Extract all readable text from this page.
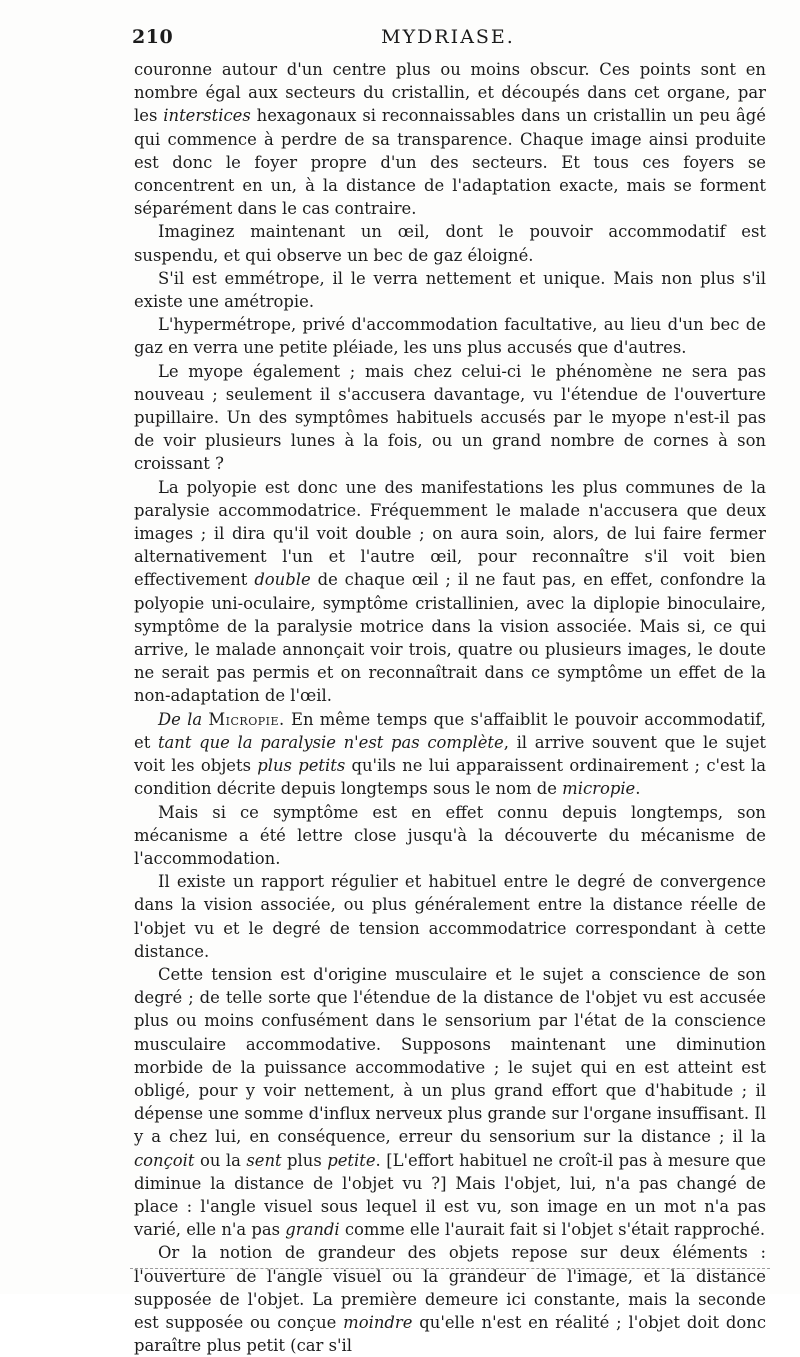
210	MYDRIASE.

couronne autour d'un centre plus ou moins obscur. Ces points sont en nombre égal aux secteurs du cristallin, et découpés dans cet organe, par les interstices hexagonaux si reconnaissables dans un cristallin un peu âgé qui commence à perdre de sa transparence. Chaque image ainsi produite est donc le foyer propre d'un des secteurs. Et tous ces foyers se concentrent en un, à la distance de l'adaptation exacte, mais se forment séparément dans le cas contraire.

Imaginez maintenant un œil, dont le pouvoir accommodatif est suspendu, et qui observe un bec de gaz éloigné.

S'il est emmétrope, il le verra nettement et unique. Mais non plus s'il existe une amétropie.

L'hypermétrope, privé d'accommodation facultative, au lieu d'un bec de gaz en verra une petite pléiade, les uns plus accusés que d'autres.

Le myope également ; mais chez celui-ci le phénomène ne sera pas nouveau ; seulement il s'accusera davantage, vu l'étendue de l'ouverture pupillaire. Un des symptômes habituels accusés par le myope n'est-il pas de voir plusieurs lunes à la fois, ou un grand nombre de cornes à son croissant ?

La polyopie est donc une des manifestations les plus communes de la paralysie accommodatrice. Fréquemment le malade n'accusera que deux images ; il dira qu'il voit double ; on aura soin, alors, de lui faire fermer alternativement l'un et l'autre œil, pour reconnaître s'il voit bien effectivement double de chaque œil ; il ne faut pas, en effet, confondre la polyopie uni-oculaire, symptôme cristallinien, avec la diplopie binoculaire, symptôme de la paralysie motrice dans la vision associée. Mais si, ce qui arrive, le malade annonçait voir trois, quatre ou plusieurs images, le doute ne serait pas permis et on reconnaîtrait dans ce symptôme un effet de la non-adaptation de l'œil.

De la Micropie. En même temps que s'affaiblit le pouvoir accommodatif, et tant que la paralysie n'est pas complète, il arrive souvent que le sujet voit les objets plus petits qu'ils ne lui apparaissent ordinairement ; c'est la condition décrite depuis longtemps sous le nom de micropie.

Mais si ce symptôme est en effet connu depuis longtemps, son mécanisme a été lettre close jusqu'à la découverte du mécanisme de l'accommodation.

Il existe un rapport régulier et habituel entre le degré de convergence dans la vision associée, ou plus généralement entre la distance réelle de l'objet vu et le degré de tension accommodatrice correspondant à cette distance.

Cette tension est d'origine musculaire et le sujet a conscience de son degré ; de telle sorte que l'étendue de la distance de l'objet vu est accusée plus ou moins confusément dans le sensorium par l'état de la conscience musculaire accommodative. Supposons maintenant une diminution morbide de la puissance accommodative ; le sujet qui en est atteint est obligé, pour y voir nettement, à un plus grand effort que d'habitude ; il dépense une somme d'influx nerveux plus grande sur l'organe insuffisant. Il y a chez lui, en conséquence, erreur du sensorium sur la distance ; il la conçoit ou la sent plus petite. [L'effort habituel ne croît-il pas à mesure que diminue la distance de l'objet vu ?] Mais l'objet, lui, n'a pas changé de place : l'angle visuel sous lequel il est vu, son image en un mot n'a pas varié, elle n'a pas grandi comme elle l'aurait fait si l'objet s'était rapproché.

Or la notion de grandeur des objets repose sur deux éléments : l'ouverture de l'angle visuel ou la grandeur de l'image, et la distance supposée de l'objet. La première demeure ici constante, mais la seconde est supposée ou conçue moindre qu'elle n'est en réalité ; l'objet doit donc paraître plus petit (car s'il
